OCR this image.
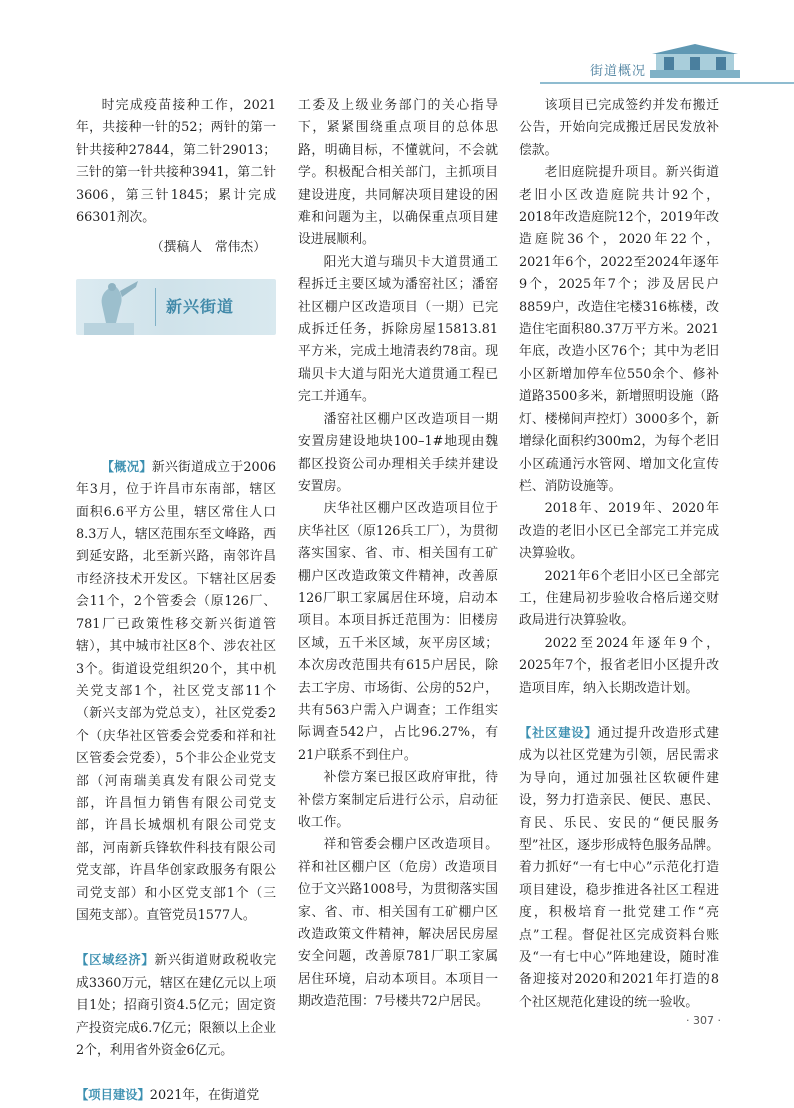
街道概况

时完成疫苗接种工作，2021年，共接种一针的52；两针的第一针共接种27844，第二针29013；三针的第一针共接种3941，第二针3606，第三针1845；累计完成66301剂次。

（撰稿人　常伟杰）

【概况】新兴街道成立于2006年3月，位于许昌市东南部，辖区面积6.6平方公里，辖区常住人口8.3万人，辖区范围东至文峰路，西到延安路，北至新兴路，南邻许昌市经济技术开发区。下辖社区居委会11个，2个管委会（原126厂、781厂已政策性移交新兴街道管辖），其中城市社区8个、涉农社区3个。街道设党组织20个，其中机关党支部1个，社区党支部11个（新兴支部为党总支），社区党委2个（庆华社区管委会党委和祥和社区管委会党委），5个非公企业党支部（河南瑞美真发有限公司党支部，许昌恒力销售有限公司党支部，许昌长城烟机有限公司党支部，河南新兵锋软件科技有限公司党支部，许昌华创家政服务有限公司党支部）和小区党支部1个（三国苑支部）。直管党员1577人。

【区域经济】新兴街道财政税收完成3360万元，辖区在建亿元以上项目1处；招商引资4.5亿元；固定资产投资完成6.7亿元；限额以上企业2个，利用省外资金6亿元。

【项目建设】2021年，在街道党

新兴街道

工委及上级业务部门的关心指导下，紧紧围绕重点项目的总体思路，明确目标，不懂就问，不会就学。积极配合相关部门，主抓项目建设进度，共同解决项目建设的困难和问题为主，以确保重点项目建设进展顺利。

阳光大道与瑞贝卡大道贯通工程拆迁主要区域为潘窑社区；潘窑社区棚户区改造项目（一期）已完成拆迁任务，拆除房屋15813.81平方米，完成土地清表约78亩。现瑞贝卡大道与阳光大道贯通工程已完工并通车。

潘窑社区棚户区改造项目一期安置房建设地块100–1#地现由魏都区投资公司办理相关手续并建设安置房。

庆华社区棚户区改造项目位于庆华社区（原126兵工厂），为贯彻落实国家、省、市、相关国有工矿棚户区改造政策文件精神，改善原126厂职工家属居住环境，启动本项目。本项目拆迁范围为：旧楼房区域，五千米区域，灰平房区域；本次房改范围共有615户居民，除去工字房、市场街、公房的52户，共有563户需入户调查；工作组实际调查542户，占比96.27%，有21户联系不到住户。

补偿方案已报区政府审批，待补偿方案制定后进行公示，启动征收工作。

祥和管委会棚户区改造项目。祥和社区棚户区（危房）改造项目位于文兴路1008号，为贯彻落实国家、省、市、相关国有工矿棚户区改造政策文件精神，解决居民房屋安全问题，改善原781厂职工家属居住环境，启动本项目。本项目一期改造范围：7号楼共72户居民。

该项目已完成签约并发布搬迁公告，开始向完成搬迁居民发放补偿款。

老旧庭院提升项目。新兴街道老旧小区改造庭院共计92个，2018年改造庭院12个，2019年改造庭院36个，2020年22个，2021年6个，2022至2024年逐年9个，2025年7个；涉及居民户8859户，改造住宅楼316栋楼，改造住宅面积80.37万平方米。2021年底，改造小区76个；其中为老旧小区新增加停车位550余个、修补道路3500多米，新增照明设施（路灯、楼梯间声控灯）3000多个，新增绿化面积约300m2，为每个老旧小区疏通污水管网、增加文化宣传栏、消防设施等。

2018年、2019年、2020年改造的老旧小区已全部完工并完成决算验收。

2021年6个老旧小区已全部完工，住建局初步验收合格后递交财政局进行决算验收。

2022至2024年逐年9个，2025年7个，报省老旧小区提升改造项目库，纳入长期改造计划。

【社区建设】通过提升改造形式建成为以社区党建为引领，居民需求为导向，通过加强社区软硬件建设，努力打造亲民、便民、惠民、育民、乐民、安民的“便民服务型”社区，逐步形成特色服务品牌。着力抓好“一有七中心”示范化打造项目建设，稳步推进各社区工程进度，积极培育一批党建工作“亮点”工程。督促社区完成资料台账及“一有七中心”阵地建设，随时准备迎接对2020和2021年打造的8个社区规范化建设的统一验收。

· 307 ·
